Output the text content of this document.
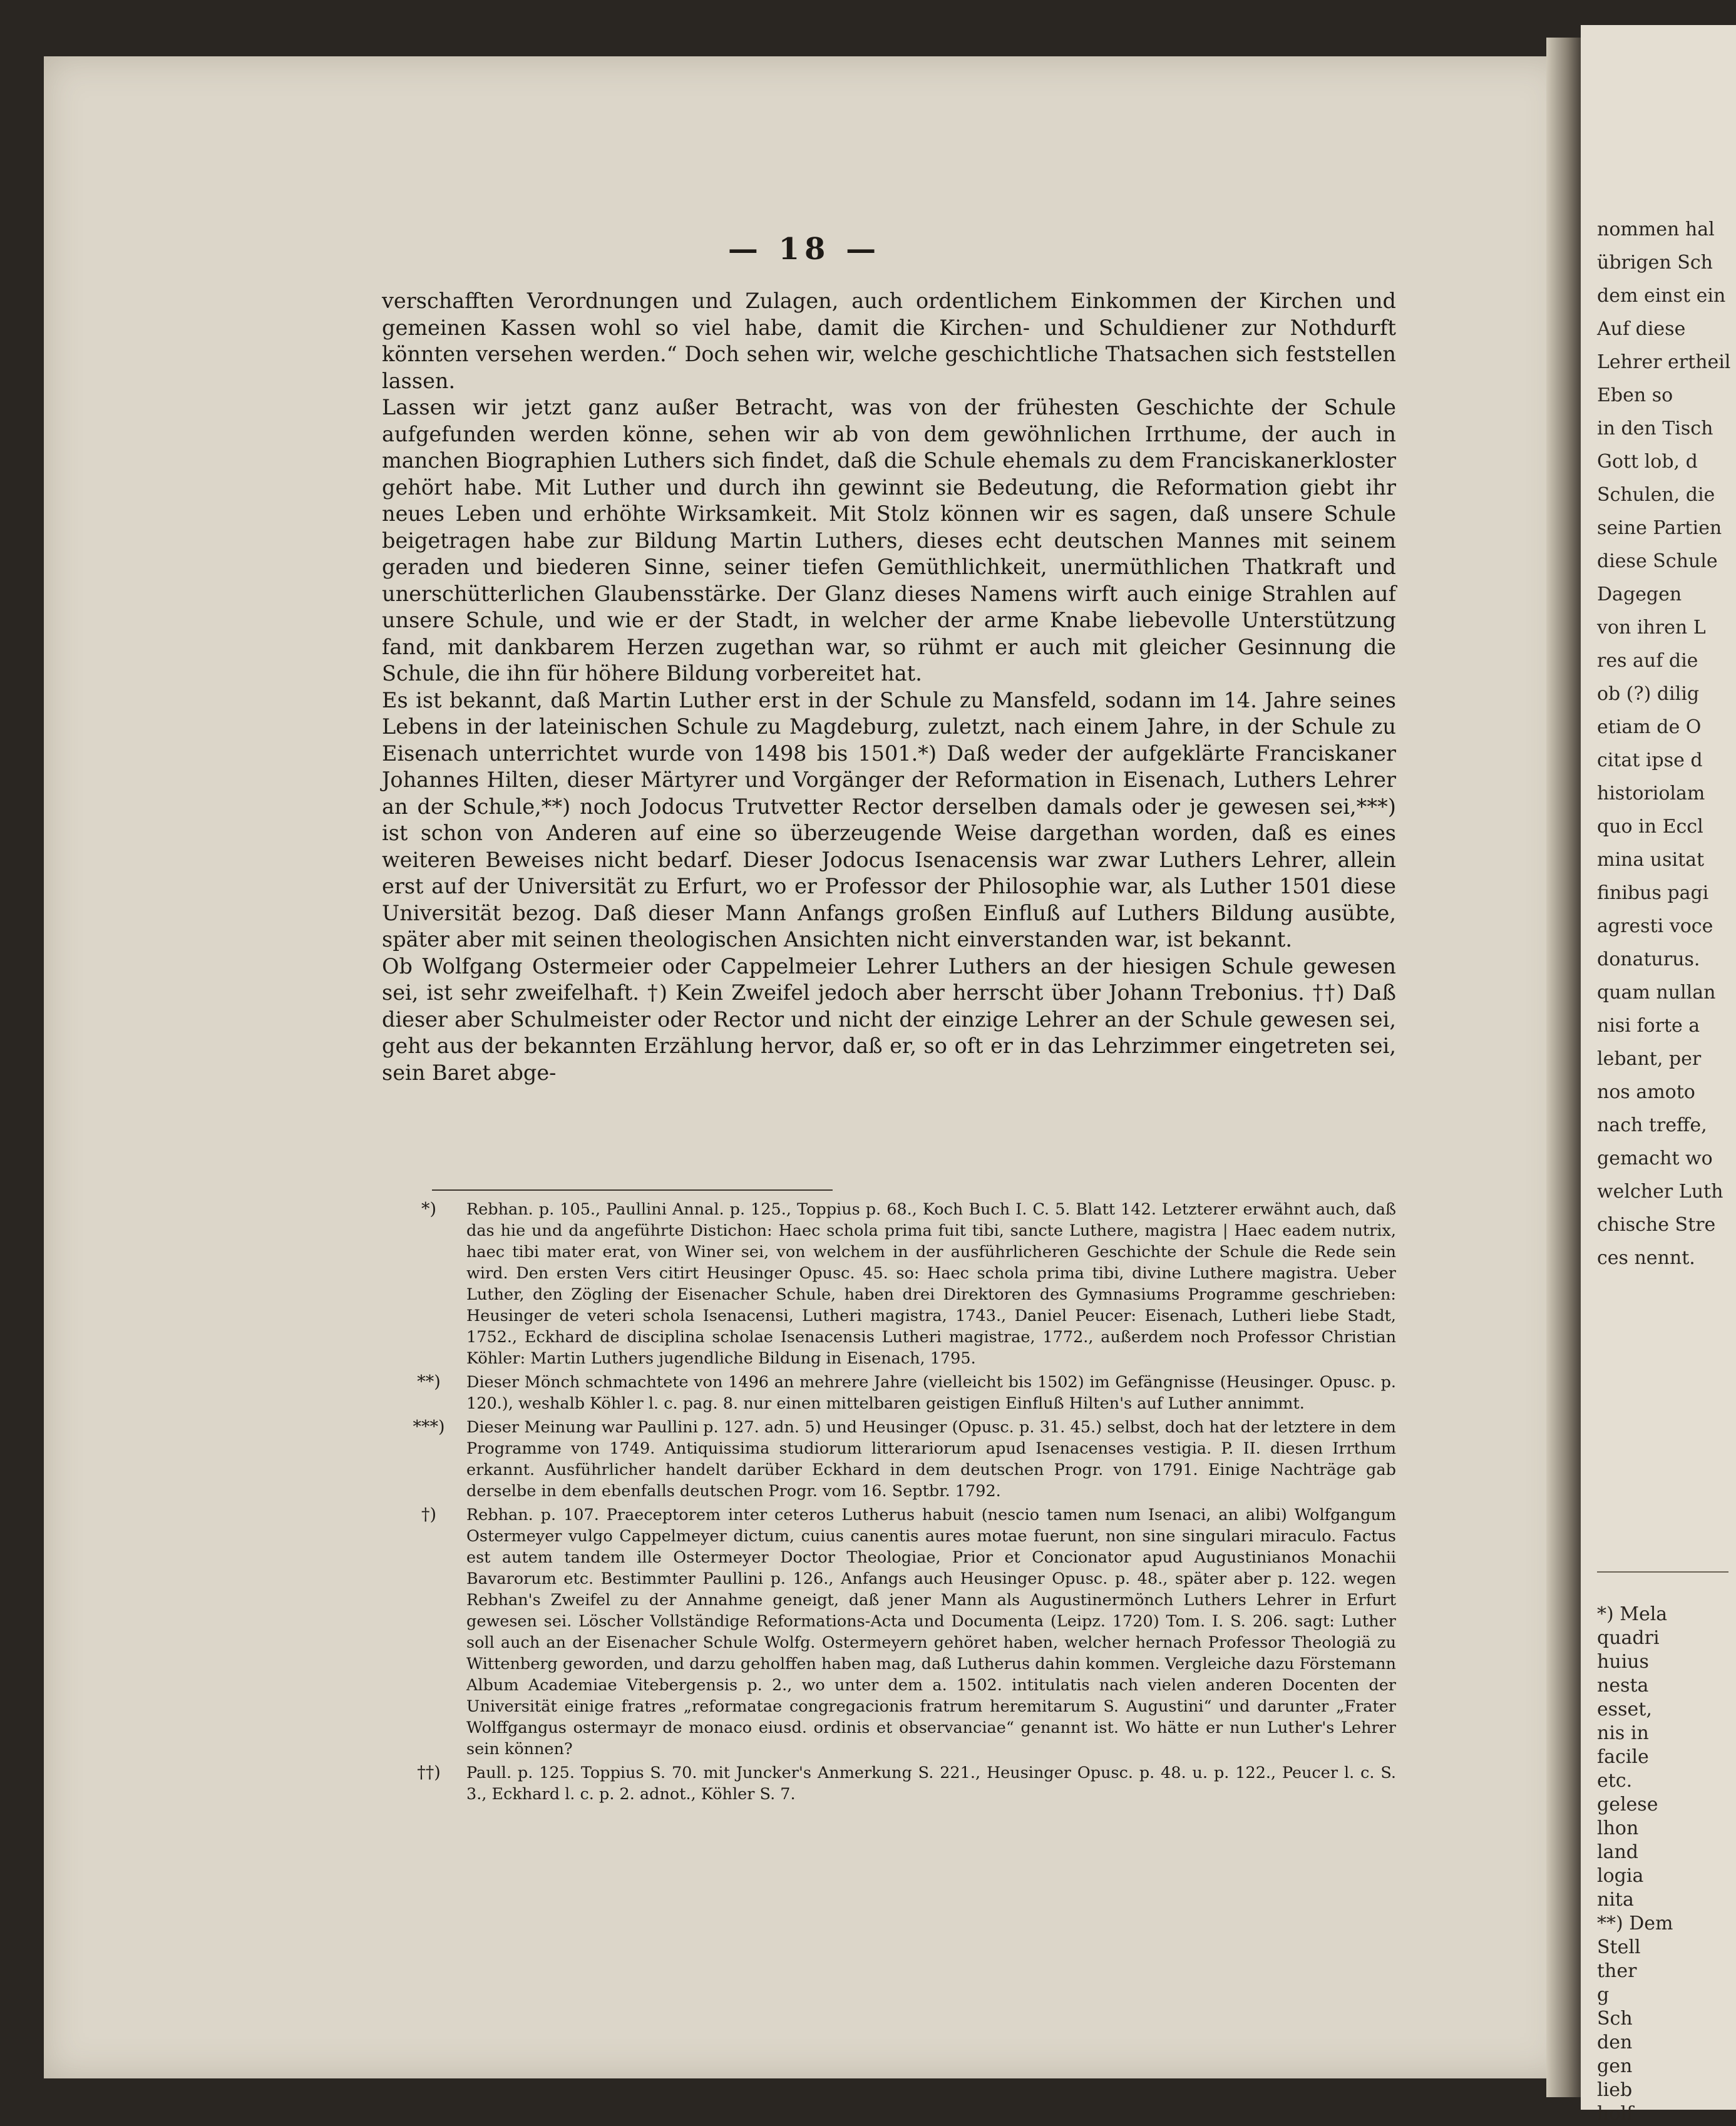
— 18 —

verschafften Verordnungen und Zulagen, auch ordentlichem Einkommen der Kirchen und gemeinen Kassen wohl so viel habe, damit die Kirchen- und Schuldiener zur Nothdurft könnten versehen werden.“ Doch sehen wir, welche geschichtliche Thatsachen sich feststellen lassen.

Lassen wir jetzt ganz außer Betracht, was von der frühesten Geschichte der Schule aufgefunden werden könne, sehen wir ab von dem gewöhnlichen Irrthume, der auch in manchen Biographien Luthers sich findet, daß die Schule ehemals zu dem Franciskanerkloster gehört habe. Mit Luther und durch ihn gewinnt sie Bedeutung, die Reformation giebt ihr neues Leben und erhöhte Wirksamkeit. Mit Stolz können wir es sagen, daß unsere Schule beigetragen habe zur Bildung Martin Luthers, dieses echt deutschen Mannes mit seinem geraden und biederen Sinne, seiner tiefen Gemüthlichkeit, unermüthlichen Thatkraft und unerschütterlichen Glaubensstärke. Der Glanz dieses Namens wirft auch einige Strahlen auf unsere Schule, und wie er der Stadt, in welcher der arme Knabe liebevolle Unterstützung fand, mit dankbarem Herzen zugethan war, so rühmt er auch mit gleicher Gesinnung die Schule, die ihn für höhere Bildung vorbereitet hat.

Es ist bekannt, daß Martin Luther erst in der Schule zu Mansfeld, sodann im 14. Jahre seines Lebens in der lateinischen Schule zu Magdeburg, zuletzt, nach einem Jahre, in der Schule zu Eisenach unterrichtet wurde von 1498 bis 1501.*) Daß weder der aufgeklärte Franciskaner Johannes Hilten, dieser Märtyrer und Vorgänger der Reformation in Eisenach, Luthers Lehrer an der Schule,**) noch Jodocus Trutvetter Rector derselben damals oder je gewesen sei,***) ist schon von Anderen auf eine so überzeugende Weise dargethan worden, daß es eines weiteren Beweises nicht bedarf. Dieser Jodocus Isenacensis war zwar Luthers Lehrer, allein erst auf der Universität zu Erfurt, wo er Professor der Philosophie war, als Luther 1501 diese Universität bezog. Daß dieser Mann Anfangs großen Einfluß auf Luthers Bildung ausübte, später aber mit seinen theologischen Ansichten nicht einverstanden war, ist bekannt.

Ob Wolfgang Ostermeier oder Cappelmeier Lehrer Luthers an der hiesigen Schule gewesen sei, ist sehr zweifelhaft. †) Kein Zweifel jedoch aber herrscht über Johann Trebonius. ††) Daß dieser aber Schulmeister oder Rector und nicht der einzige Lehrer an der Schule gewesen sei, geht aus der bekannten Erzählung hervor, daß er, so oft er in das Lehrzimmer eingetreten sei, sein Baret abge-

*)	Rebhan. p. 105., Paullini Annal. p. 125., Toppius p. 68., Koch Buch I. C. 5. Blatt 142. Letzterer erwähnt auch, daß das hie und da angeführte Distichon: Haec schola prima fuit tibi, sancte Luthere, magistra | Haec eadem nutrix, haec tibi mater erat, von Winer sei, von welchem in der ausführlicheren Geschichte der Schule die Rede sein wird. Den ersten Vers citirt Heusinger Opusc. 45. so: Haec schola prima tibi, divine Luthere magistra. Ueber Luther, den Zögling der Eisenacher Schule, haben drei Direktoren des Gymnasiums Programme geschrieben: Heusinger de veteri schola Isenacensi, Lutheri magistra, 1743., Daniel Peucer: Eisenach, Lutheri liebe Stadt, 1752., Eckhard de disciplina scholae Isenacensis Lutheri magistrae, 1772., außerdem noch Professor Christian Köhler: Martin Luthers jugendliche Bildung in Eisenach, 1795.
**)	Dieser Mönch schmachtete von 1496 an mehrere Jahre (vielleicht bis 1502) im Gefängnisse (Heusinger. Opusc. p. 120.), weshalb Köhler l. c. pag. 8. nur einen mittelbaren geistigen Einfluß Hilten's auf Luther annimmt.
***)	Dieser Meinung war Paullini p. 127. adn. 5) und Heusinger (Opusc. p. 31. 45.) selbst, doch hat der letztere in dem Programme von 1749. Antiquissima studiorum litterariorum apud Isenacenses vestigia. P. II. diesen Irrthum erkannt. Ausführlicher handelt darüber Eckhard in dem deutschen Progr. von 1791. Einige Nachträge gab derselbe in dem ebenfalls deutschen Progr. vom 16. Septbr. 1792.
†)	Rebhan. p. 107. Praeceptorem inter ceteros Lutherus habuit (nescio tamen num Isenaci, an alibi) Wolfgangum Ostermeyer vulgo Cappelmeyer dictum, cuius canentis aures motae fuerunt, non sine singulari miraculo. Factus est autem tandem ille Ostermeyer Doctor Theologiae, Prior et Concionator apud Augustinianos Monachii Bavarorum etc. Bestimmter Paullini p. 126., Anfangs auch Heusinger Opusc. p. 48., später aber p. 122. wegen Rebhan's Zweifel zu der Annahme geneigt, daß jener Mann als Augustinermönch Luthers Lehrer in Erfurt gewesen sei. Löscher Vollständige Reformations-Acta und Documenta (Leipz. 1720) Tom. I. S. 206. sagt: Luther soll auch an der Eisenacher Schule Wolfg. Ostermeyern gehöret haben, welcher hernach Professor Theologiä zu Wittenberg geworden, und darzu geholffen haben mag, daß Lutherus dahin kommen. Vergleiche dazu Förstemann Album Academiae Vitebergensis p. 2., wo unter dem a. 1502. intitulatis nach vielen anderen Docenten der Universität einige fratres „reformatae congregacionis fratrum heremitarum S. Augustini“ und darunter „Frater Wolffgangus ostermayr de monaco eiusd. ordinis et observanciae“ genannt ist. Wo hätte er nun Luther's Lehrer sein können?
††)	Paull. p. 125. Toppius S. 70. mit Juncker's Anmerkung S. 221., Heusinger Opusc. p. 48. u. p. 122., Peucer l. c. S. 3., Eckhard l. c. p. 2. adnot., Köhler S. 7.
nommen hal
übrigen Sch
dem einst ein
Auf diese
Lehrer ertheil
Eben so
in den Tisch
Gott lob, d
Schulen, die
seine Partien
diese Schule
Dagegen
von ihren L
res auf die
ob (?) dilig
etiam de O
citat ipse d
historiolam
quo in Eccl
mina usitat
finibus pagi
agresti voce
donaturus.
quam nullan
nisi forte a
lebant, per
nos amoto
nach treffe,
gemacht wo
welcher Luth
chische Stre
ces nennt.
*) Mela
quadri
huius
nesta
esset,
nis in
facile
etc.
gelese
lhon
land
logia
nita
**) Dem
Stell
ther
g
Sch
den
gen
lieb
holf
